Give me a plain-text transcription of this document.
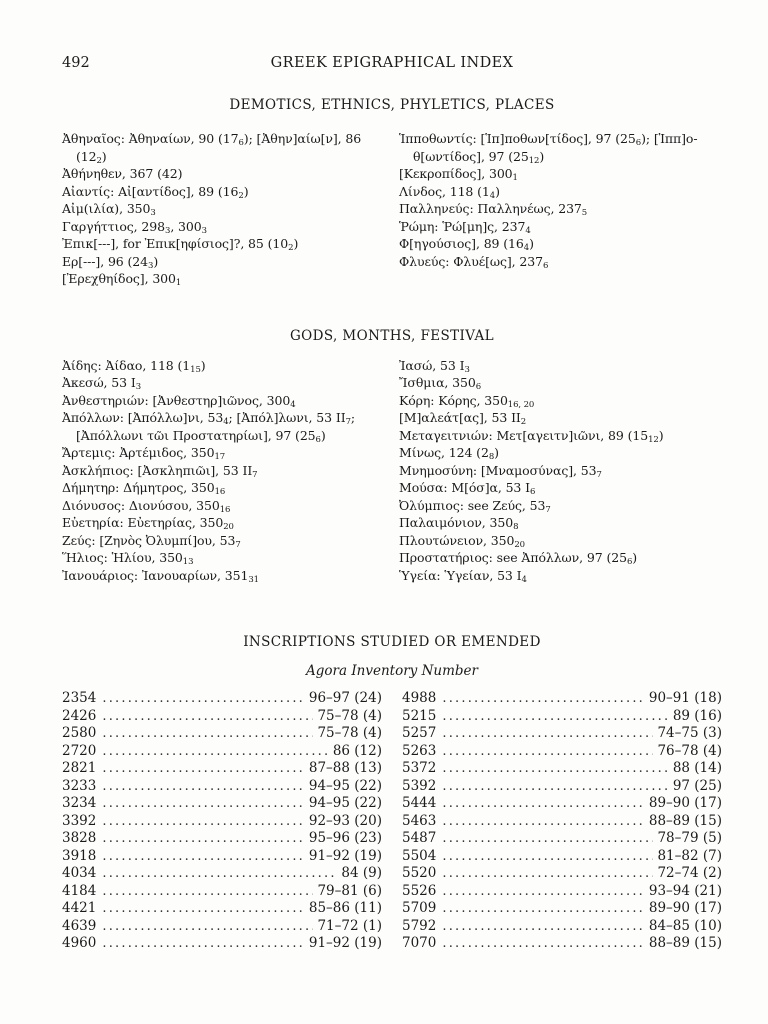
492	GREEK EPIGRAPHICAL INDEX
DEMOTICS, ETHNICS, PHYLETICS, PLACES
Ἀθηναῖος: Ἀθηναίων, 90 $(17_6)$; [Ἀθην]αίω[ν], 86
$(12_2)$
Ἀθήνηθεν, 367 (42)
Αἰαντίς: Αἰ[αντίδος], 89 $(16_2)$
Αἰμ(ιλία), $350_3$
Γαργήττιος, $298_3$, $300_3$
Ἐπικ[---], for Ἐπικ[ηφίσιος]?, 85 $(10_2)$
Ερ[---], 96 $(24_3)$
[Ἐρεχθηίδος], $300_1$
Ἱπποθωντίς: [Ἱπ]ποθων[τίδος], 97 $(25_6)$; [Ἱππ]ο-
θ[ωντίδος], 97 $(25_{12})$
[Κεκροπίδος], $300_1$
Λίνδος, 118 $(1_4)$
Παλληνεύς: Παλληνέως, $237_5$
Ῥώμη: Ῥώ[μη]ς, $237_4$
Φ[ηγούσιος], 89 $(16_4)$
Φλυεύς: Φλυέ[ως], $237_6$
GODS, MONTHS, FESTIVAL
Ἀίδης: Ἀίδαο, 118 $(1_{15})$
Ἀκεσώ, 53 $I_3$
Ἀνθεστηριών: [Ἀνθεστηρ]ιῶνος, $300_4$
Ἀπόλλων: [Ἀπόλλω]νι, $53_4$; [Ἀπόλ]λωνι, 53 $II_7$;
[Ἀπόλλωνι τῶι Προστατηρίωι], 97 $(25_6)$
Ἄρτεμις: Ἀρτέμιδος, $350_{17}$
Ἀσκλήπιος: [Ἀσκληπιῶι], 53 $II_7$
Δήμητηρ: Δήμητρος, $350_{16}$
Διόνυσος: Διονύσου, $350_{16}$
Εὐετηρία: Εὐετηρίας, $350_{20}$
Ζεύς: [Ζηνὸς Ὀλυμπί]ου, $53_7$
Ἥλιος: Ἡλίου, $350_{13}$
Ἰανουάριος: Ἰανουαρίων, $351_{31}$
Ἰασώ, 53 $I_3$
Ἴσθμια, $350_6$
Κόρη: Κόρης, $350_{16, 20}$
[Μ]αλεάτ[ας], 53 $II_2$
Μεταγειτνιών: Μετ[αγειτν]ιῶνι, 89 $(15_{12})$
Μίνως, 124 $(2_8)$
Μνημοσύνη: [Μναμοσύνας], $53_7$
Μούσα: Μ[όσ]α, 53 $I_6$
Ὀλύμπιος: see Ζεύς, $53_7$
Παλαιμόνιον, $350_8$
Πλουτώνειον, $350_{20}$
Προστατήριος: see Ἀπόλλων, 97 $(25_6)$
Ὑγεία: Ὑγείαν, 53 $I_4$
INSCRIPTIONS STUDIED OR EMENDED
Agora Inventory Number
2354 .....	96–97 (24)
2426 .....	75–78 (4)
2580 .....	75–78 (4)
2720 .....	86 (12)
2821 .....	87–88 (13)
3233 .....	94–95 (22)
3234 .....	94–95 (22)
3392 .....	92–93 (20)
3828 .....	95–96 (23)
3918 .....	91–92 (19)
4034 .....	84 (9)
4184 .....	79–81 (6)
4421 .....	85–86 (11)
4639 .....	71–72 (1)
4960 .....	91–92 (19)
4988 .....	90–91 (18)
5215 .....	89 (16)
5257 .....	74–75 (3)
5263 .....	76–78 (4)
5372 .....	88 (14)
5392 .....	97 (25)
5444 .....	89–90 (17)
5463 .....	88–89 (15)
5487 .....	78–79 (5)
5504 .....	81–82 (7)
5520 .....	72–74 (2)
5526 .....	93–94 (21)
5709 .....	89–90 (17)
5792 .....	84–85 (10)
7070 .....	88–89 (15)
